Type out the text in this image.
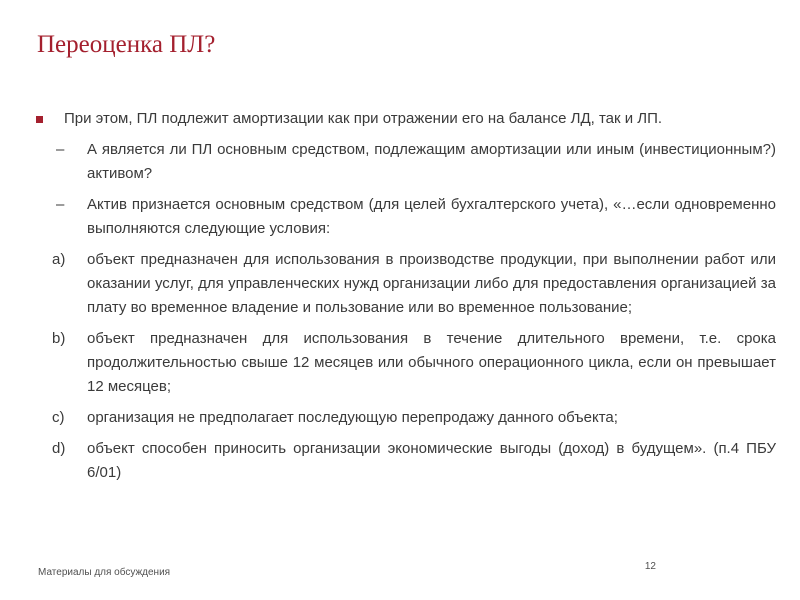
Переоценка ПЛ?
При этом, ПЛ подлежит амортизации как при отражении его на балансе ЛД, так и ЛП.
–	А является ли ПЛ основным средством, подлежащим амортизации или иным (инвестиционным?) активом?
–	Актив признается основным средством (для целей бухгалтерского учета), «…если одновременно выполняются следующие условия:
a)	объект предназначен для использования в производстве продукции, при выполнении работ или оказании услуг, для управленческих нужд организации либо для предоставления организацией за плату во временное владение и пользование или во временное пользование;
b)	объект предназначен для использования в течение длительного времени, т.е. срока продолжительностью свыше 12 месяцев или обычного операционного цикла, если он превышает 12 месяцев;
c)	организация не предполагает последующую перепродажу данного объекта;
d)	объект способен приносить организации экономические выгоды (доход) в будущем». (п.4 ПБУ 6/01)
Материалы для обсуждения
12
